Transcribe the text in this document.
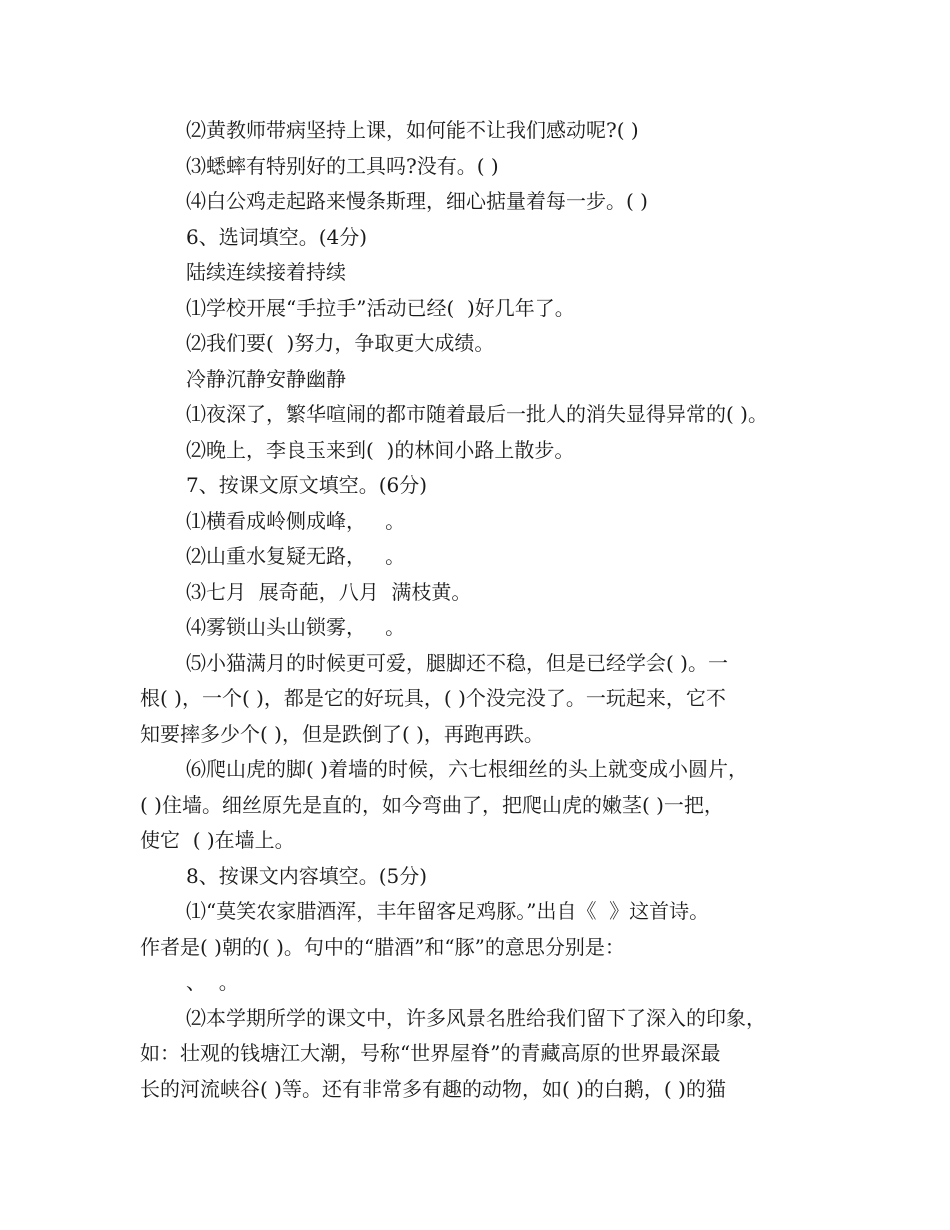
⑵黄教师带病坚持上课，如何能不让我们感动呢?( )
⑶蟋蟀有特别好的工具吗?没有。( )
⑷白公鸡走起路来慢条斯理，细心掂量着每一步。( )
6、选词填空。(4分)
陆续连续接着持续
⑴学校开展“手拉手”活动已经(  )好几年了。
⑵我们要(  )努力，争取更大成绩。
冷静沉静安静幽静
⑴夜深了，繁华喧闹的都市随着最后一批人的消失显得异常的( )。
⑵晚上，李良玉来到(  )的林间小路上散步。
7、按课文原文填空。(6分)
⑴横看成岭侧成峰，   。
⑵山重水复疑无路，   。
⑶七月  展奇葩，八月  满枝黄。
⑷雾锁山头山锁雾，   。
⑸小猫满月的时候更可爱，腿脚还不稳，但是已经学会( )。一
根( )，一个( )，都是它的好玩具，( )个没完没了。一玩起来，它不
知要摔多少个( )，但是跌倒了( )，再跑再跌。
⑹爬山虎的脚( )着墙的时候，六七根细丝的头上就变成小圆片，
( )住墙。细丝原先是直的，如今弯曲了，把爬山虎的嫩茎( )一把，
使它  ( )在墙上。
8、按课文内容填空。(5分)
⑴“莫笑农家腊酒浑，丰年留客足鸡豚。”出自《  》这首诗。
作者是( )朝的( )。句中的“腊酒”和“豚”的意思分别是：
、  。
⑵本学期所学的课文中，许多风景名胜给我们留下了深入的印象，
如：壮观的钱塘江大潮，号称“世界屋脊”的青藏高原的世界最深最
长的河流峡谷( )等。还有非常多有趣的动物，如( )的白鹅，( )的猫
